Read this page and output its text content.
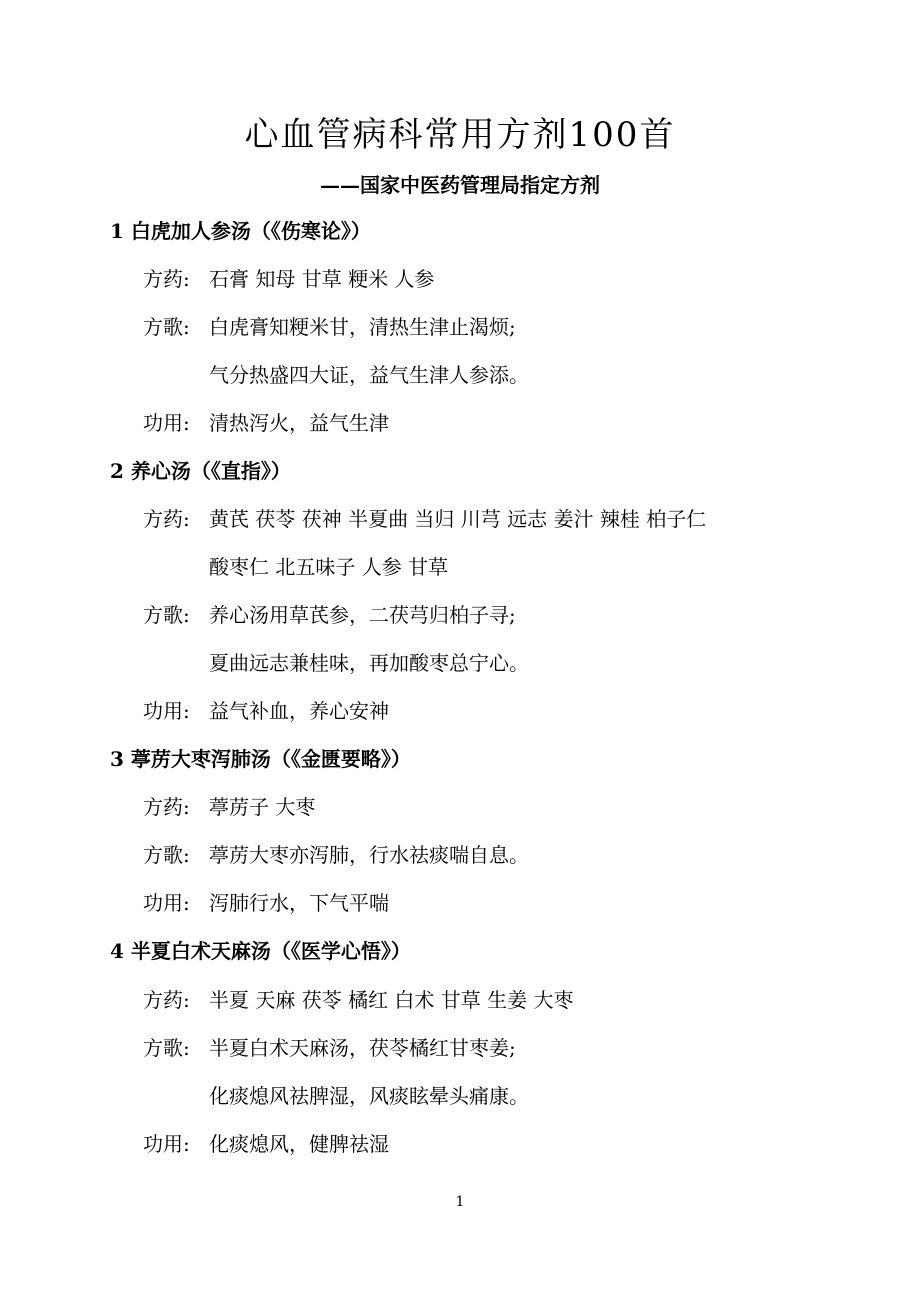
心血管病科常用方剂100首
——国家中医药管理局指定方剂
1 白虎加人参汤（《伤寒论》）
方药: 石膏 知母 甘草 粳米 人参
方歌: 白虎膏知粳米甘，清热生津止渴烦;
气分热盛四大证，益气生津人参添。
功用: 清热泻火，益气生津
2 养心汤（《直指》）
方药: 黄芪 茯苓 茯神 半夏曲 当归 川芎 远志 姜汁 辣桂 柏子仁
酸枣仁 北五味子 人参 甘草
方歌: 养心汤用草芪参，二茯芎归柏子寻;
夏曲远志兼桂味，再加酸枣总宁心。
功用: 益气补血，养心安神
3 葶苈大枣泻肺汤（《金匮要略》）
方药: 葶苈子 大枣
方歌: 葶苈大枣亦泻肺，行水祛痰喘自息。
功用: 泻肺行水，下气平喘
4 半夏白术天麻汤（《医学心悟》）
方药: 半夏 天麻 茯苓 橘红 白术 甘草 生姜 大枣
方歌: 半夏白术天麻汤，茯苓橘红甘枣姜;
化痰熄风祛脾湿，风痰眩晕头痛康。
功用: 化痰熄风，健脾祛湿
1
